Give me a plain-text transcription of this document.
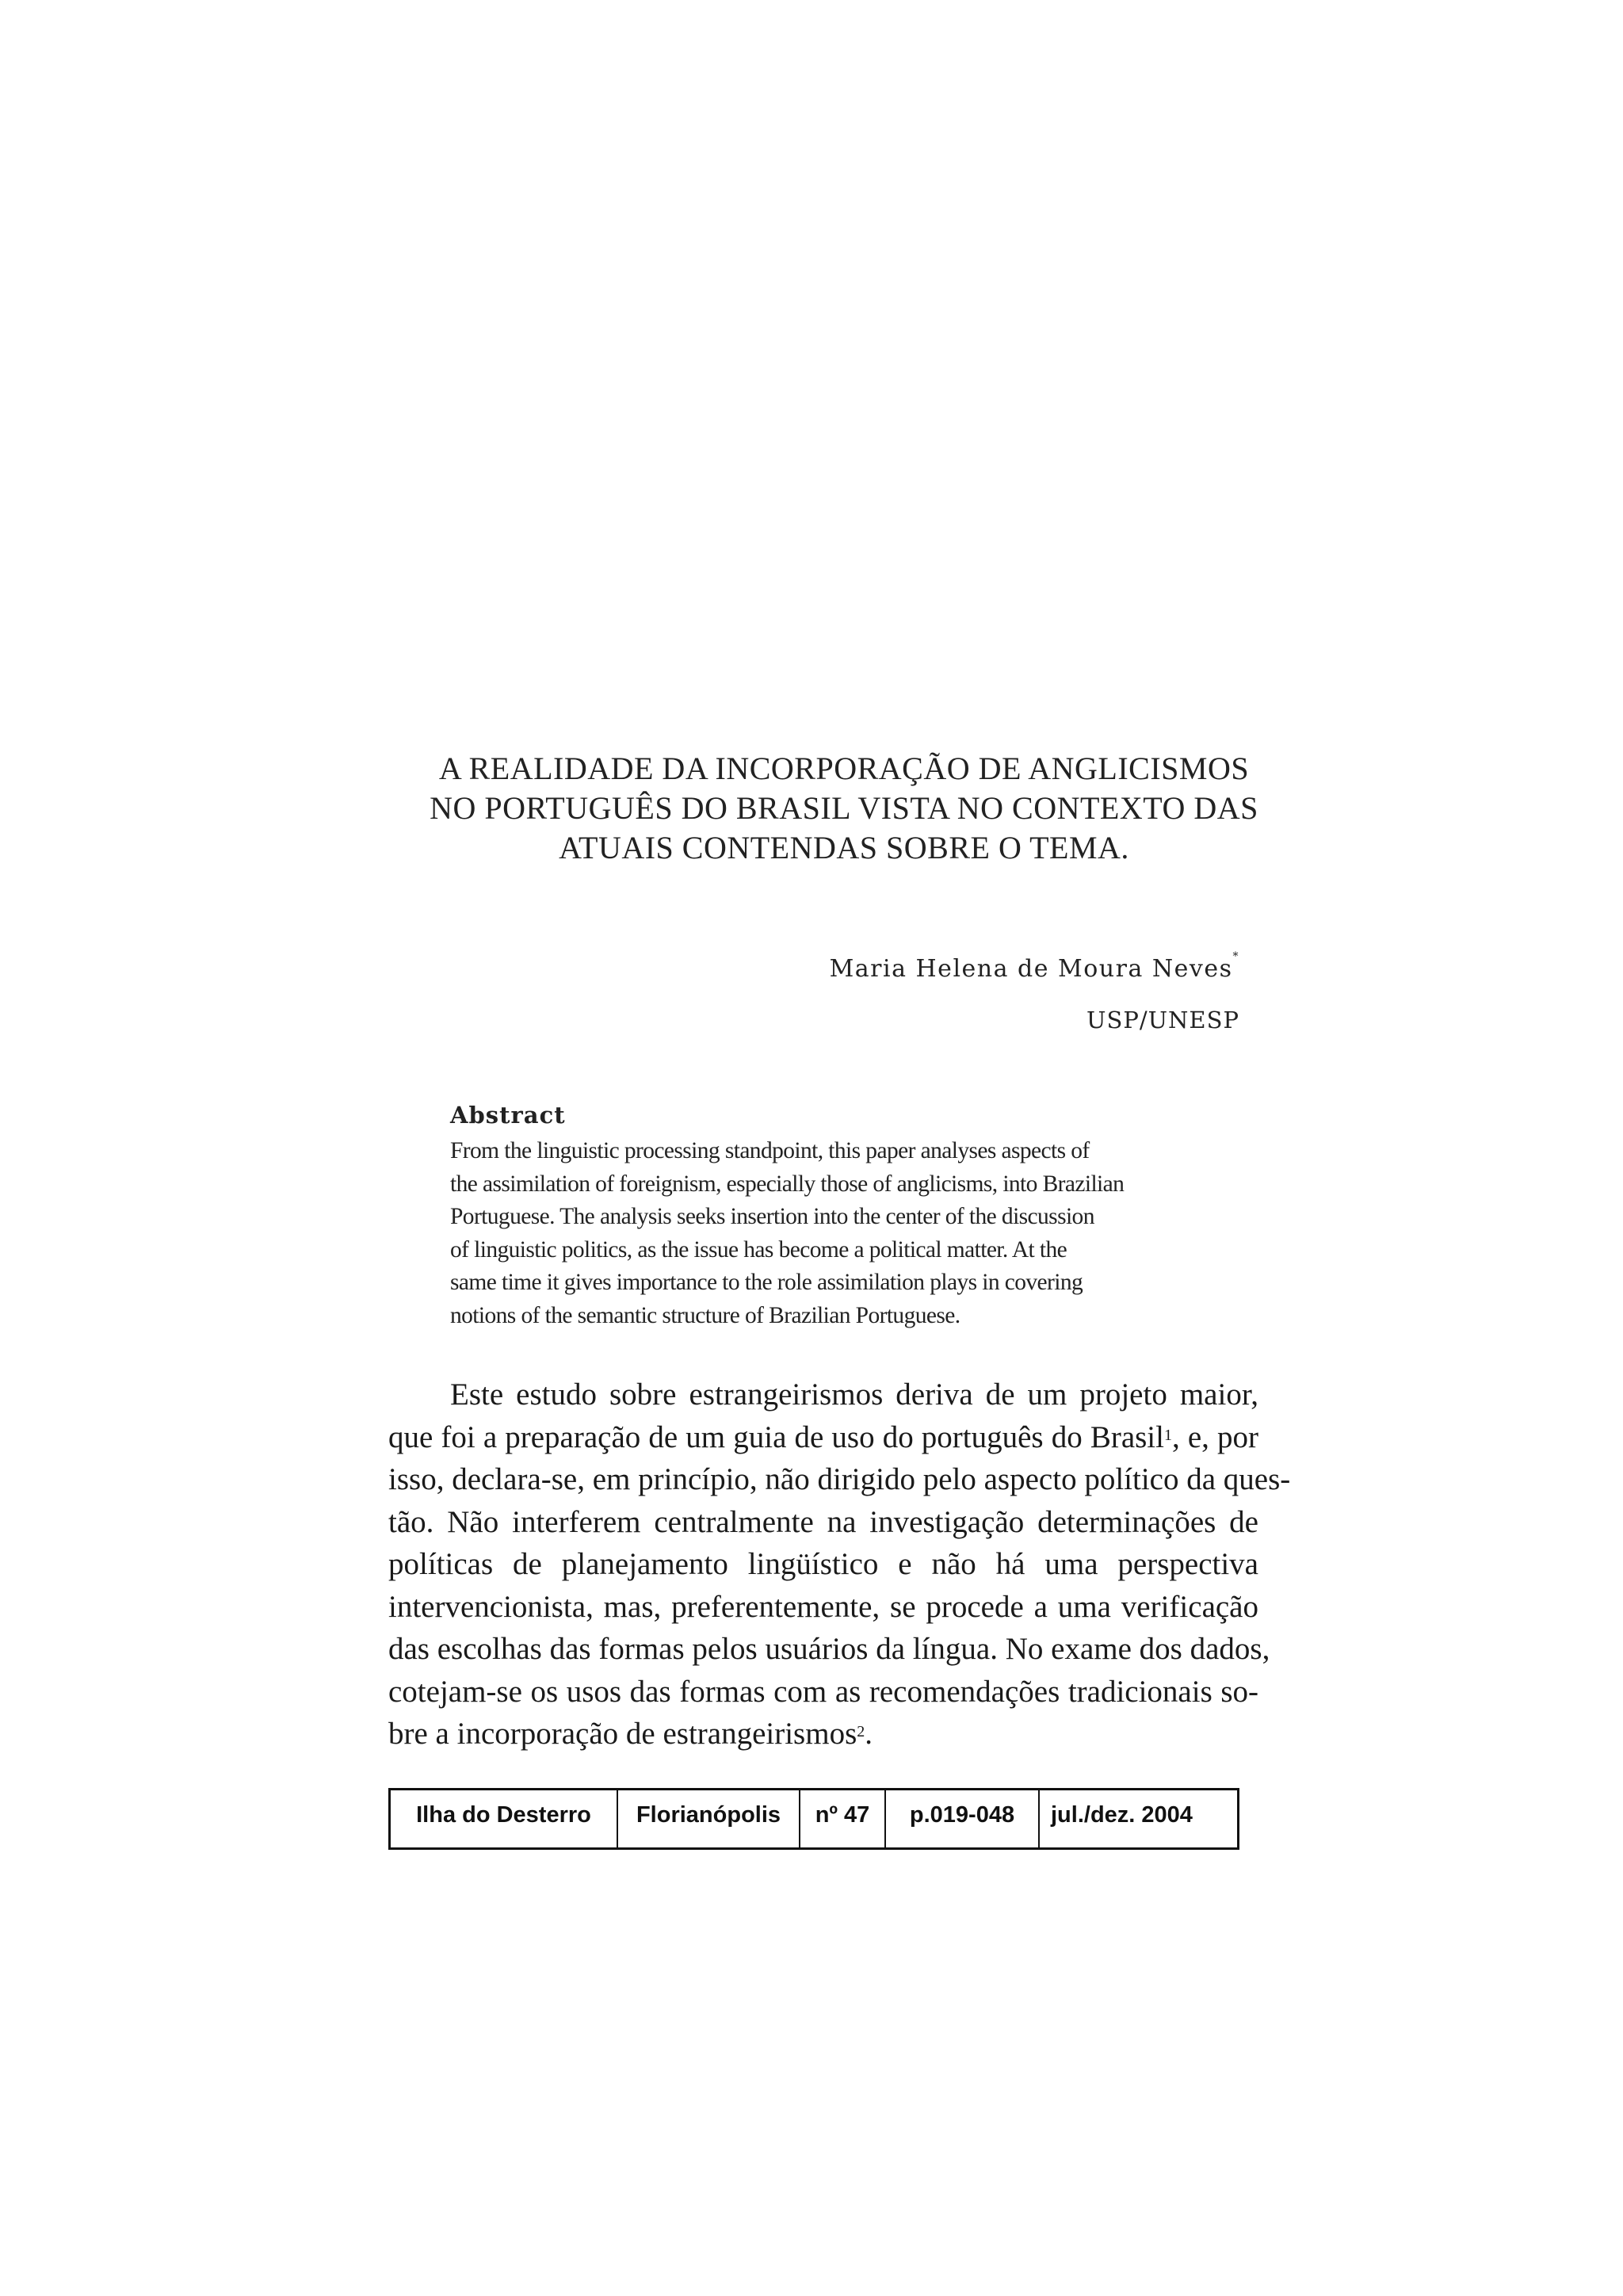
A REALIDADE DA INCORPORAÇÃO DE ANGLICISMOS
NO PORTUGUÊS DO BRASIL VISTA NO CONTEXTO DAS
ATUAIS CONTENDAS SOBRE O TEMA.
Maria Helena de Moura Neves*
USP/UNESP
Abstract
From the linguistic processing standpoint, this paper analyses aspects of
the assimilation of foreignism, especially those of anglicisms, into Brazilian
Portuguese. The analysis seeks insertion into the center of the discussion
of linguistic politics, as the issue has become a political matter. At the
same time it gives importance to the role assimilation plays in covering
notions of the semantic structure of Brazilian Portuguese.
Este estudo sobre estrangeirismos deriva de um projeto maior,
que foi a preparação de um guia de uso do português do Brasil$^1$, e, por
isso, declara-se, em princípio, não dirigido pelo aspecto político da ques-
tão. Não interferem centralmente na investigação determinações de
políticas de planejamento lingüístico e não há uma perspectiva
intervencionista, mas, preferentemente, se procede a uma verificação
das escolhas das formas pelos usuários da língua. No exame dos dados,
cotejam-se os usos das formas com as recomendações tradicionais so-
bre a incorporação de estrangeirismos$^2$.
Ilha do Desterro	Florianópolis	nº 47	p.019-048	jul./dez. 2004
